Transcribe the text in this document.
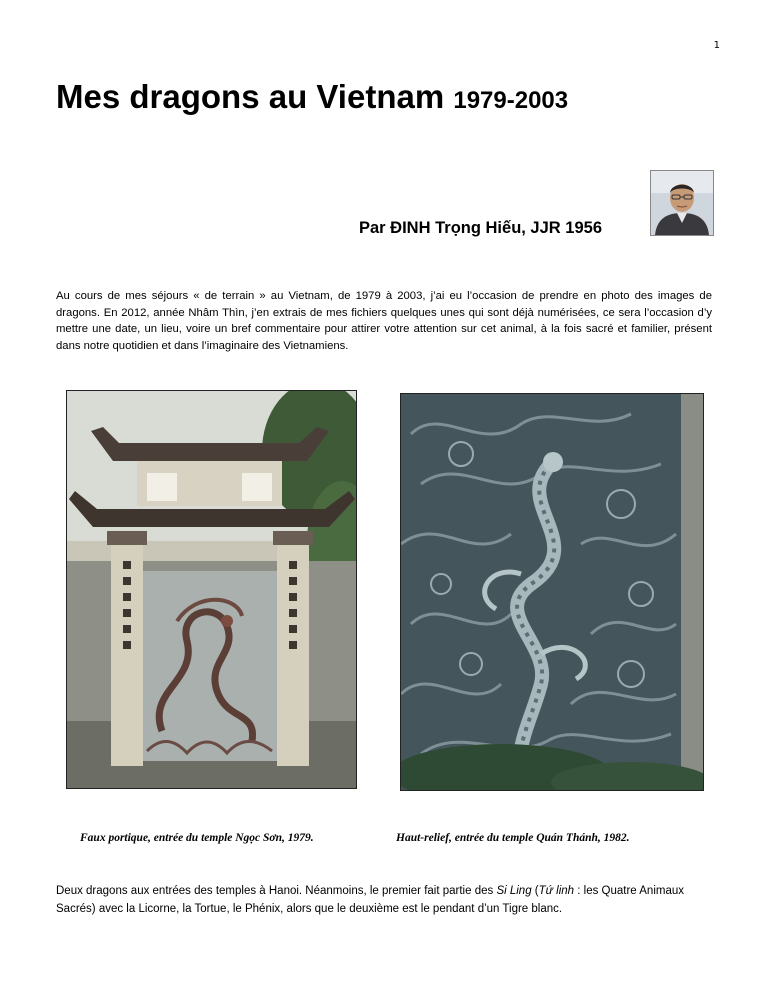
1
Mes dragons au Vietnam 1979-2003

Par ĐINH Trọng Hiếu, JJR 1956

Au cours de mes séjours « de terrain » au Vietnam, de 1979 à 2003, j’ai eu l’occasion de prendre en photo des images de dragons. En 2012, année Nhâm Thìn, j’en extrais de mes fichiers quelques unes qui sont déjà numérisées, ce sera l’occasion d’y mettre une date, un lieu, voire un bref commentaire pour attirer votre attention sur cet animal, à la fois sacré et familier, présent dans notre quotidien et dans l’imaginaire des Vietnamiens.

Faux portique, entrée du temple Ngọc Sơn, 1979.	Haut-relief, entrée du temple Quán Thánh, 1982.

Deux dragons aux entrées des temples à Hanoi. Néanmoins, le premier fait partie des Si Ling (Tứ linh : les Quatre Animaux Sacrés) avec la Licorne, la Tortue, le Phénix, alors que le deuxième est le pendant d’un Tigre blanc.
